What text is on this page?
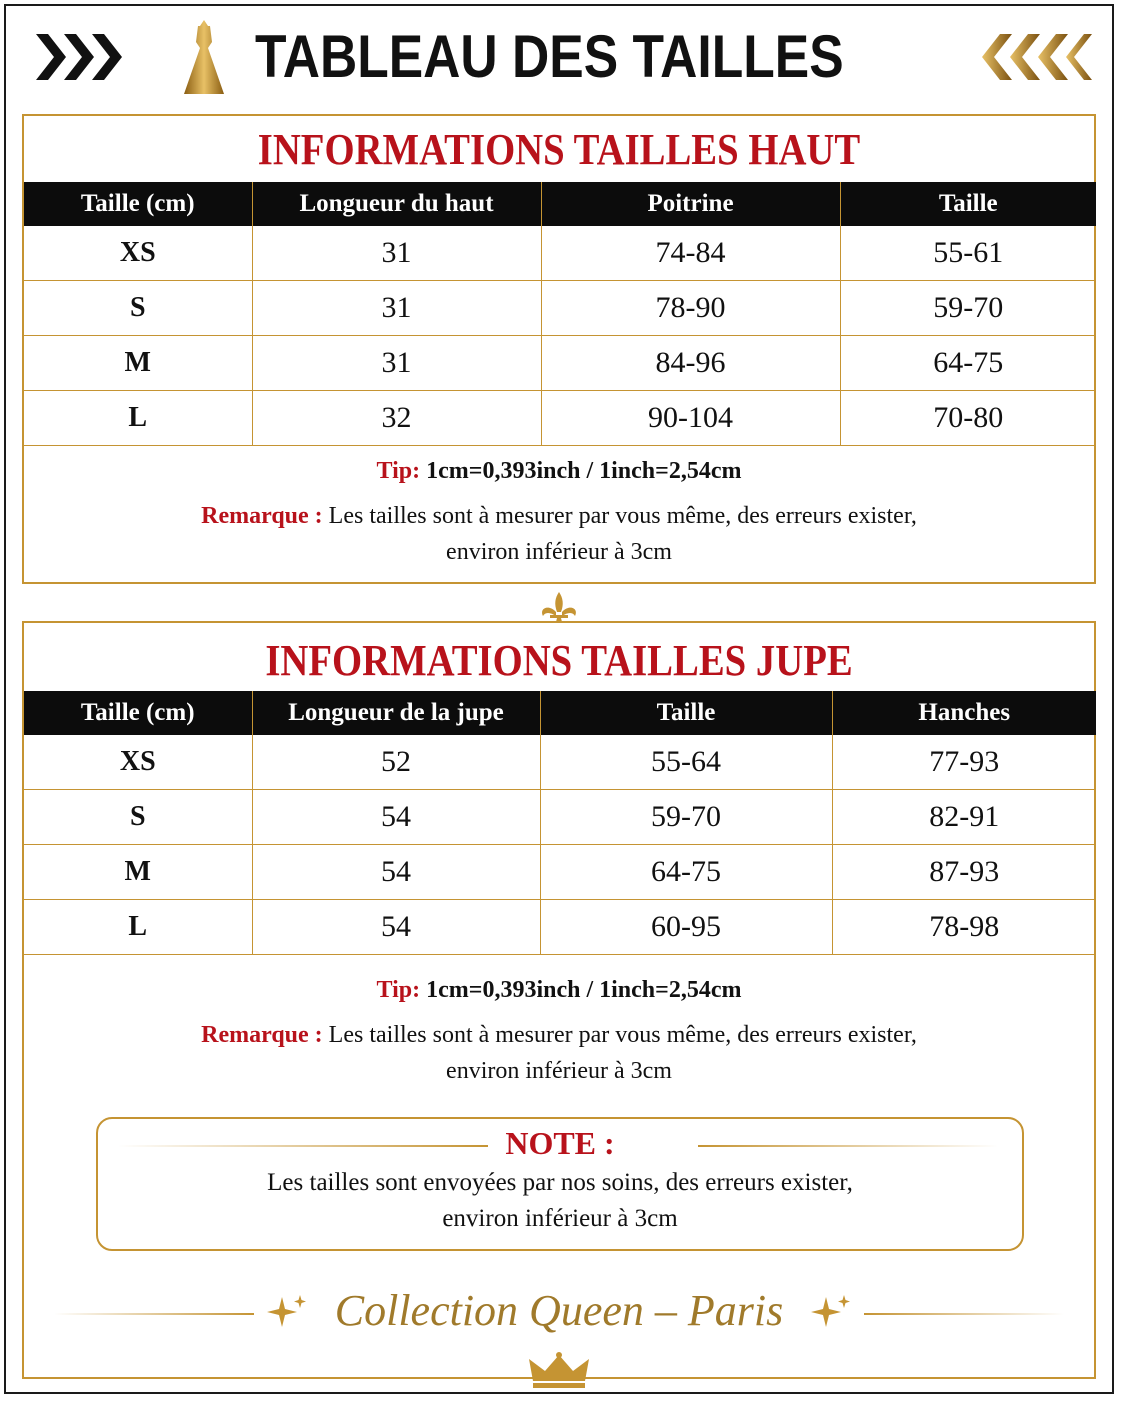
TABLEAU DES TAILLES
INFORMATIONS TAILLES HAUT
Taille (cm)	Longueur du haut	Poitrine	Taille
XS	31	74-84	55-61
S	31	78-90	59-70
M	31	84-96	64-75
L	32	90-104	70-80
Tip: 1cm=0,393inch / 1inch=2,54cm
Remarque : Les tailles sont à mesurer par vous même, des erreurs exister,
environ inférieur à 3cm
INFORMATIONS TAILLES JUPE
Taille (cm)	Longueur de la jupe	Taille	Hanches
XS	52	55-64	77-93
S	54	59-70	82-91
M	54	64-75	87-93
L	54	60-95	78-98
Tip: 1cm=0,393inch / 1inch=2,54cm
Remarque : Les tailles sont à mesurer par vous même, des erreurs exister,
environ inférieur à 3cm
NOTE :
Les tailles sont envoyées par nos soins, des erreurs exister,
environ inférieur à 3cm
Collection Queen – Paris
